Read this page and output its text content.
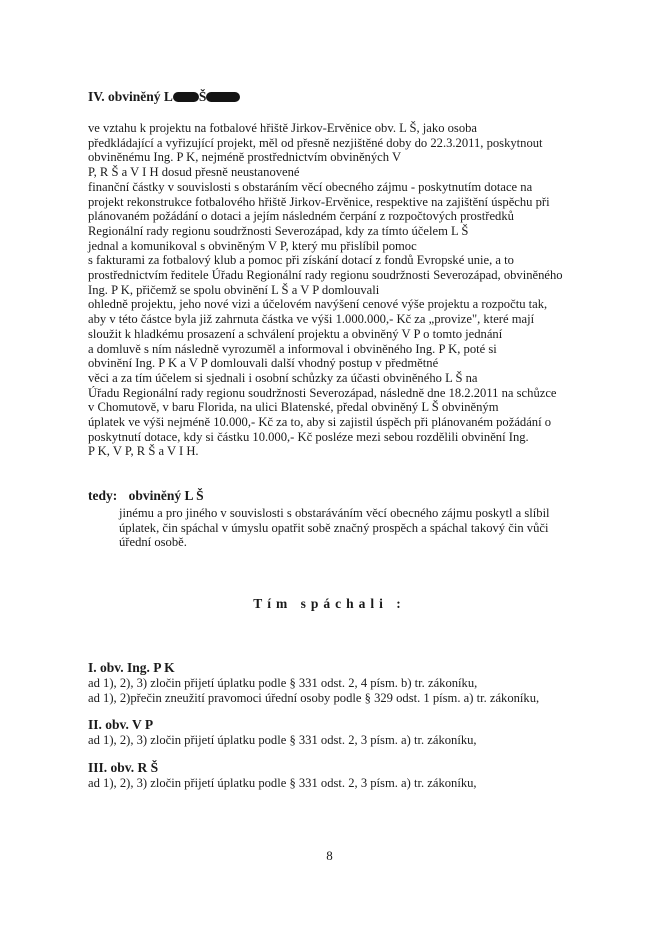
IV. obviněný L Š
ve vztahu k projektu na fotbalové hřiště Jirkov-Ervěnice obv. L Š, jako osoba
předkládající a vyřizující projekt, měl od přesně nezjištěné doby do 22.3.2011, poskytnout
obviněnému Ing. P K, nejméně prostřednictvím obviněných V
P, R Š a V I H dosud přesně neustanovené
finanční částky v souvislosti s obstaráním věcí obecného zájmu - poskytnutím dotace na
projekt rekonstrukce fotbalového hřiště Jirkov-Ervěnice, respektive na zajištění úspěchu při
plánovaném požádání o dotaci a jejím následném čerpání z rozpočtových prostředků
Regionální rady regionu soudržnosti Severozápad, kdy za tímto účelem L Š
jednal a komunikoval s obviněným V P, který mu přislíbil pomoc
s fakturami za fotbalový klub a pomoc při získání dotací z fondů Evropské unie, a to
prostřednictvím ředitele Úřadu Regionální rady regionu soudržnosti Severozápad, obviněného
Ing. P K, přičemž se spolu obvinění L Š a V P domlouvali
ohledně projektu, jeho nové vizi a účelovém navýšení cenové výše projektu a rozpočtu tak,
aby v této částce byla již zahrnuta částka ve výši 1.000.000,- Kč za „provize", které mají
sloužit k hladkému prosazení a schválení projektu a obviněný V P o tomto jednání
a domluvě s ním následně vyrozuměl a informoval i obviněného Ing. P K, poté si
obvinění Ing. P K a V P domlouvali další vhodný postup v předmětné
věci a za tím účelem si sjednali i osobní schůzky za účasti obviněného L Š na
Úřadu Regionální rady regionu soudržnosti Severozápad, následně dne 18.2.2011 na schůzce
v Chomutově, v baru Florida, na ulici Blatenské, předal obviněný L Š obviněným
úplatek ve výši nejméně 10.000,- Kč za to, aby si zajistil úspěch při plánovaném požádání o
poskytnutí dotace, kdy si částku 10.000,- Kč posléze mezi sebou rozdělili obvinění Ing.
P K, V P, R Š a V I H.
tedy: obviněný L Š
jinému a pro jiného v souvislosti s obstaráváním věcí obecného zájmu poskytl a slíbil
úplatek, čin spáchal v úmyslu opatřit sobě značný prospěch a spáchal takový čin vůči
úřední osobě.
Tím spáchali :
I. obv. Ing. P K
ad 1), 2), 3) zločin přijetí úplatku podle § 331 odst. 2, 4 písm. b) tr. zákoníku,
ad 1), 2)přečin zneužití pravomoci úřední osoby podle § 329 odst. 1 písm. a) tr. zákoníku,
II. obv. V P
ad 1), 2), 3) zločin přijetí úplatku podle § 331 odst. 2, 3 písm. a) tr. zákoníku,
III. obv. R Š
ad 1), 2), 3) zločin přijetí úplatku podle § 331 odst. 2, 3 písm. a) tr. zákoníku,
8
